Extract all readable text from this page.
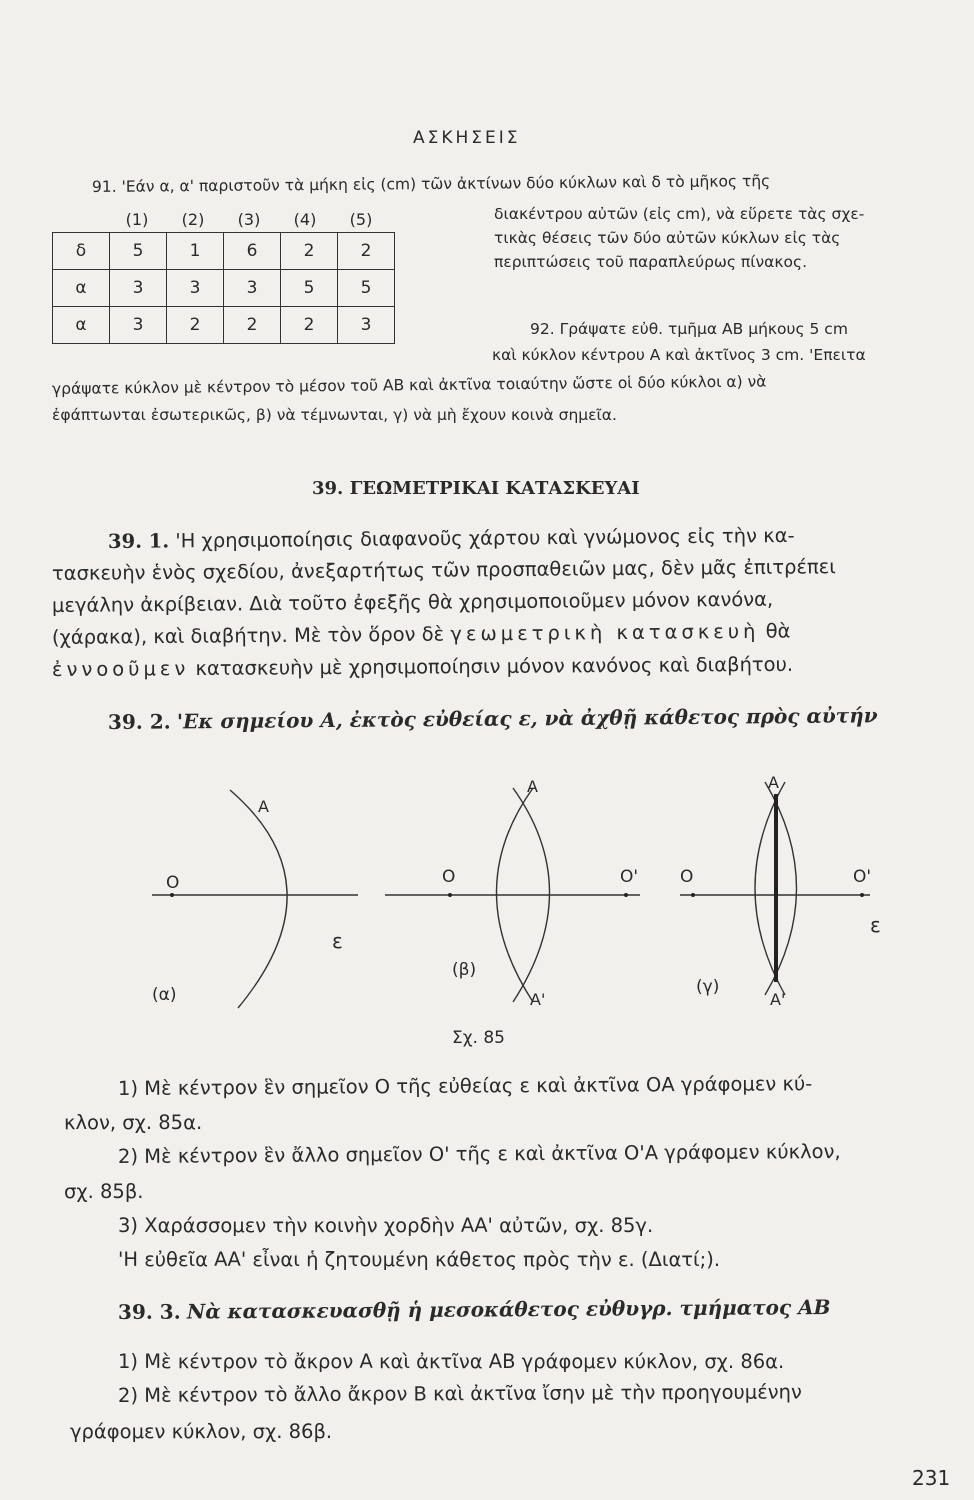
ΑΣΚΗΣΕΙΣ
91. 'Εάν α, α' παριστοῦν τὰ μήκη εἰς (cm) τῶν ἀκτίνων δύο κύκλων καὶ δ τὸ μῆκος τῆς
(1)	(2)	(3)	(4)	(5)	διακέντρου αὐτῶν (εἰς cm), νὰ εὕρετε τὰς σχε-
τικὰς θέσεις τῶν δύο αὐτῶν κύκλων εἰς τὰς
περιπτώσεις τοῦ παραπλεύρως πίνακος.
δ	5	1	6	2	2
α	3	3	3	5	5
α	3	2	2	2	3	92. Γράψατε εὐθ. τμῆμα ΑΒ μήκους 5 cm
καὶ κύκλον κέντρου Α καὶ ἀκτῖνος 3 cm. 'Επειτα
γράψατε κύκλον μὲ κέντρον τὸ μέσον τοῦ ΑΒ καὶ ἀκτῖνα τοιαύτην ὥστε οἱ δύο κύκλοι α) νὰ
ἐφάπτωνται ἐσωτερικῶς, β) νὰ τέμνωνται, γ) νὰ μὴ ἔχουν κοινὰ σημεῖα.
39. ΓΕΩΜΕΤΡΙΚΑΙ ΚΑΤΑΣΚΕΥΑΙ
39. 1. 'Η χρησιμοποίησις διαφανοῦς χάρτου καὶ γνώμονος εἰς τὴν κα-
τασκευὴν ἑνὸς σχεδίου, ἀνεξαρτήτως τῶν προσπαθειῶν μας, δὲν μᾶς ἐπιτρέπει
μεγάλην ἀκρίβειαν. Διὰ τοῦτο ἐφεξῆς θὰ χρησιμοποιοῦμεν μόνον κανόνα,
(χάρακα), καὶ διαβήτην. Μὲ τὸν ὅρον δὲ γεωμετρικὴ κατασκευὴ θὰ
ἐννοοῦμεν κατασκευὴν μὲ χρησιμοποίησιν μόνον κανόνος καὶ διαβήτου.
39. 2. 'Εκ σημείου Α, ἐκτὸς εὐθείας ε, νὰ ἀχθῇ κάθετος πρὸς αὐτήν
A
O
ε
(α)
A
O	O'
(β)
A'
A
O	O'
ε
(γ)
A'
Σχ. 85
1) Μὲ κέντρον ἓν σημεῖον Ο τῆς εὐθείας ε καὶ ἀκτῖνα ΟΑ γράφομεν κύ-
κλον, σχ. 85α.
2) Μὲ κέντρον ἓν ἄλλο σημεῖον Ο' τῆς ε καὶ ἀκτῖνα Ο'Α γράφομεν κύκλον,
σχ. 85β.
3) Χαράσσομεν τὴν κοινὴν χορδὴν ΑΑ' αὐτῶν, σχ. 85γ.
'Η εὐθεῖα ΑΑ' εἶναι ἡ ζητουμένη κάθετος πρὸς τὴν ε. (Διατί;).
39. 3. Νὰ κατασκευασθῇ ἡ μεσοκάθετος εὐθυγρ. τμήματος ΑΒ
1) Μὲ κέντρον τὸ ἄκρον Α καὶ ἀκτῖνα ΑΒ γράφομεν κύκλον, σχ. 86α.
2) Μὲ κέντρον τὸ ἄλλο ἄκρον Β καὶ ἀκτῖνα ἴσην μὲ τὴν προηγουμένην
γράφομεν κύκλον, σχ. 86β.
231
